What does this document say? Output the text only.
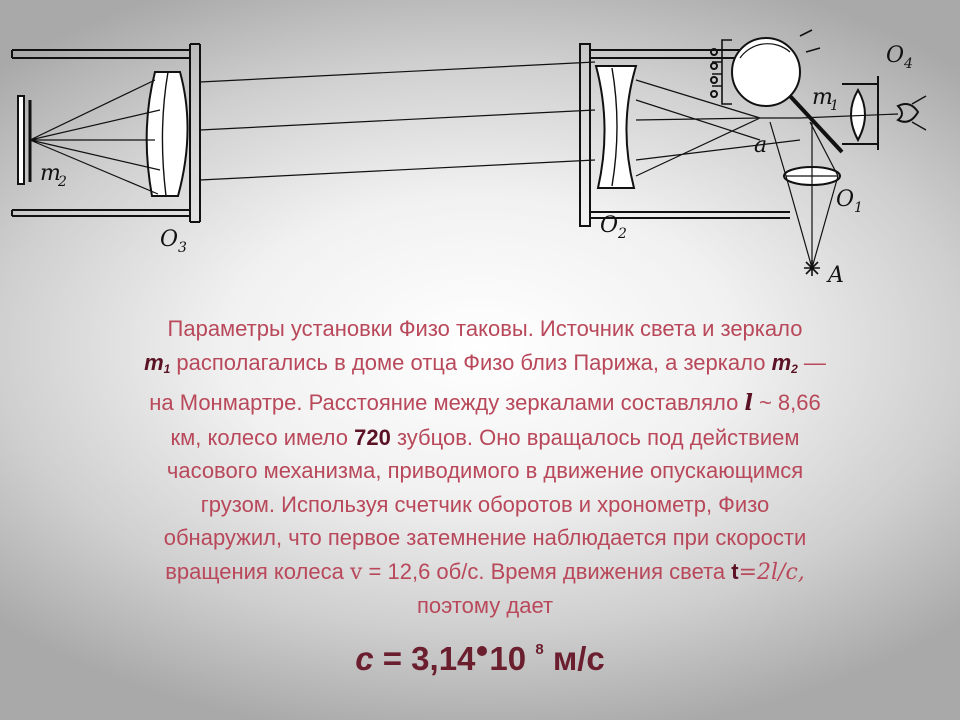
m
2
O 3
O 2
m
1
O 4
O 1
a
A
Параметры установки Физо таковы. Источник света и зеркало
$m_1$ располагались в доме отца Физо близ Парижа, а зеркало $m_2$ —
на Монмартре. Расстояние между зеркалами составляло l ~ 8,66
км, колесо имело 720 зубцов. Оно вращалось под действием
часового механизма, приводимого в движение опускающимся
грузом. Используя счетчик оборотов и хронометр, Физо
обнаружил, что первое затемнение наблюдается при скорости
вращения колеса v = 12,6 об/с. Время движения света t=2l/c,
поэтому дает
с = 3,14 10 $^8$ м/с
